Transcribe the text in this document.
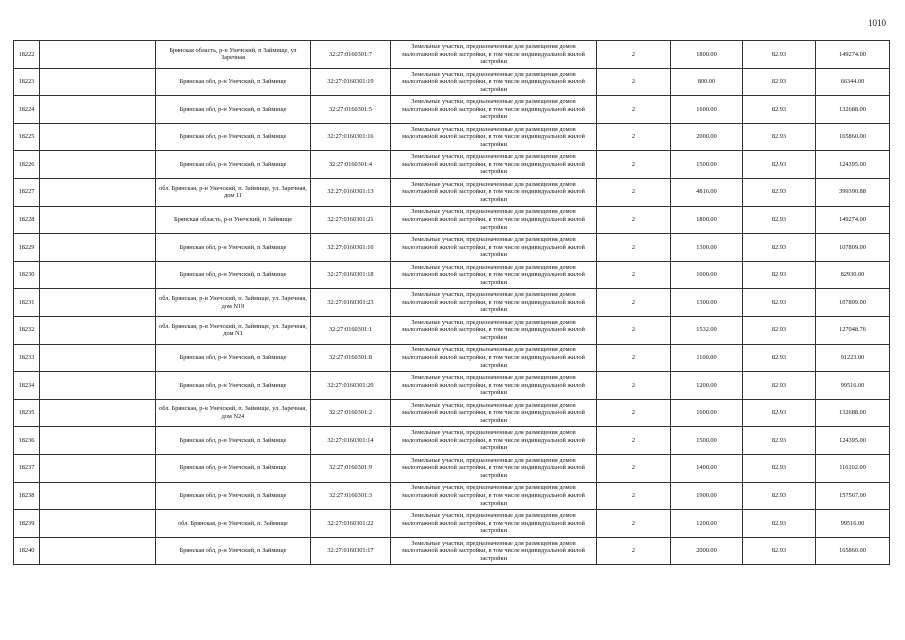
1010
18222		Брянская область, р-н Унечский, п Займище, ул Заречная	32:27:0160301:7	Земельные участки, предназначенные для размещения домов малоэтажной жилой застройки, в том числе индивидуальной жилой застройки	2	1800.00	82.93	149274.00
18223		Брянская обл, р-н Унечский, п Займище	32:27:0160301:19	Земельные участки, предназначенные для размещения домов малоэтажной жилой застройки, в том числе индивидуальной жилой застройки	2	800.00	82.93	66344.00
18224		Брянская обл, р-н Унечский, п Займище	32:27:0160301:5	Земельные участки, предназначенные для размещения домов малоэтажной жилой застройки, в том числе индивидуальной жилой застройки	2	1600.00	82.93	132688.00
18225		Брянская обл, р-н Унечский, п Займище	32:27:0160301:16	Земельные участки, предназначенные для размещения домов малоэтажной жилой застройки, в том числе индивидуальной жилой застройки	2	2000.00	82.93	165860.00
18226		Брянская обл, р-н Унечский, п Займище	32:27:0160301:4	Земельные участки, предназначенные для размещения домов малоэтажной жилой застройки, в том числе индивидуальной жилой застройки	2	1500.00	82.93	124395.00
18227		обл. Брянская, р-н Унечский, п. Займище, ул. Заречная, дом 11	32:27:0160301:13	Земельные участки, предназначенные для размещения домов малоэтажной жилой застройки, в том числе индивидуальной жилой застройки	2	4816.00	82.93	399390.88
18228		Брянская область, р-н Унечский, п Займище	32:27:0160301:21	Земельные участки, предназначенные для размещения домов малоэтажной жилой застройки, в том числе индивидуальной жилой застройки	2	1800.00	82.93	149274.00
18229		Брянская обл, р-н Унечский, п Займище	32:27:0160301:10	Земельные участки, предназначенные для размещения домов малоэтажной жилой застройки, в том числе индивидуальной жилой застройки	2	1300.00	82.93	107809.00
18230		Брянская обл, р-н Унечский, п Займище	32:27:0160301:18	Земельные участки, предназначенные для размещения домов малоэтажной жилой застройки, в том числе индивидуальной жилой застройки	2	1000.00	82.93	82930.00
18231		обл. Брянская, р-н Унечский, п. Займище, ул. Заречная, дом N19	32:27:0160301:23	Земельные участки, предназначенные для размещения домов малоэтажной жилой застройки, в том числе индивидуальной жилой застройки	2	1300.00	82.93	107809.00
18232		обл. Брянская, р-н Унечский, п. Займище, ул. Заречная, дом N1	32:27:0160301:1	Земельные участки, предназначенные для размещения домов малоэтажной жилой застройки, в том числе индивидуальной жилой застройки	2	1532.00	82.93	127048.76
18233		Брянская обл, р-н Унечский, п Займище	32:27:0160301:8	Земельные участки, предназначенные для размещения домов малоэтажной жилой застройки, в том числе индивидуальной жилой застройки	2	1100.00	82.93	91223.00
18234		Брянская обл, р-н Унечский, п Займище	32:27:0160301:20	Земельные участки, предназначенные для размещения домов малоэтажной жилой застройки, в том числе индивидуальной жилой застройки	2	1200.00	82.93	99516.00
18235		обл. Брянская, р-н Унечский, п. Займище, ул. Заречная, дом N24	32:27:0160301:2	Земельные участки, предназначенные для размещения домов малоэтажной жилой застройки, в том числе индивидуальной жилой застройки	2	1600.00	82.93	132688.00
18236		Брянская обл, р-н Унечский, п Займище	32:27:0160301:14	Земельные участки, предназначенные для размещения домов малоэтажной жилой застройки, в том числе индивидуальной жилой застройки	2	1500.00	82.93	124395.00
18237		Брянская обл, р-н Унечский, п Займище	32:27:0160301:9	Земельные участки, предназначенные для размещения домов малоэтажной жилой застройки, в том числе индивидуальной жилой застройки	2	1400.00	82.93	116102.00
18238		Брянская обл, р-н Унечский, п Займище	32:27:0160301:3	Земельные участки, предназначенные для размещения домов малоэтажной жилой застройки, в том числе индивидуальной жилой застройки	2	1900.00	82.93	157567.00
18239		обл. Брянская, р-н Унечский, п. Займище	32:27:0160301:22	Земельные участки, предназначенные для размещения домов малоэтажной жилой застройки, в том числе индивидуальной жилой застройки	2	1200.00	82.93	99516.00
18240		Брянская обл, р-н Унечский, п Займище	32:27:0160301:17	Земельные участки, предназначенные для размещения домов малоэтажной жилой застройки, в том числе индивидуальной жилой застройки	2	2000.00	82.93	165860.00
